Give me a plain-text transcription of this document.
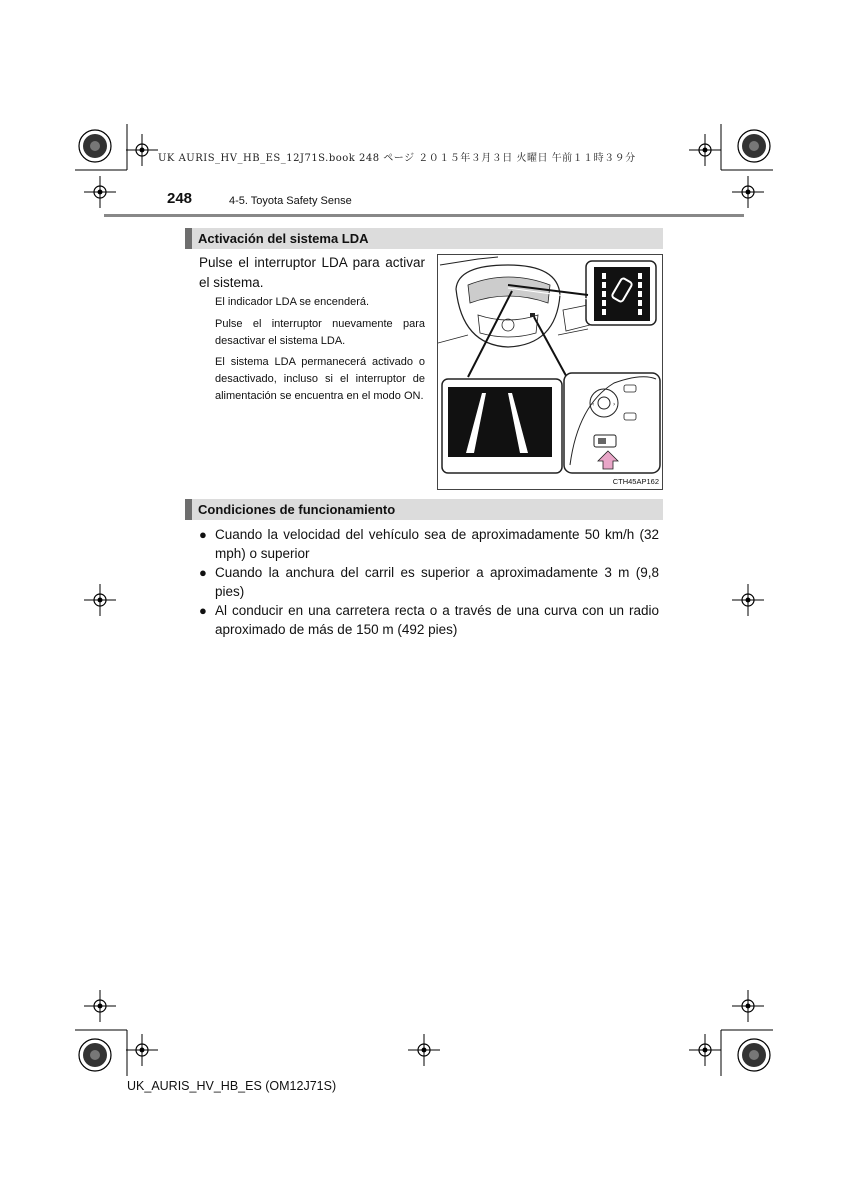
UK AURIS_HV_HB_ES_12J71S.book 248 ページ ２０１５年３月３日 火曜日 午前１１時３９分
248	4-5. Toyota Safety Sense
Activación del sistema LDA
Pulse el interruptor LDA para activar el sistema.
El indicador LDA se encenderá.
Pulse el interruptor nuevamente para desactivar el sistema LDA.
El sistema LDA permanecerá activado o desactivado, incluso si el interruptor de alimentación se encuentra en el modo ON.
‹	›
CTH45AP162
Condiciones de funcionamiento
● Cuando la velocidad del vehículo sea de aproximadamente 50 km/h (32 mph) o superior
● Cuando la anchura del carril es superior a aproximadamente 3 m (9,8 pies)
● Al conducir en una carretera recta o a través de una curva con un radio aproximado de más de 150 m (492 pies)
UK_AURIS_HV_HB_ES (OM12J71S)
